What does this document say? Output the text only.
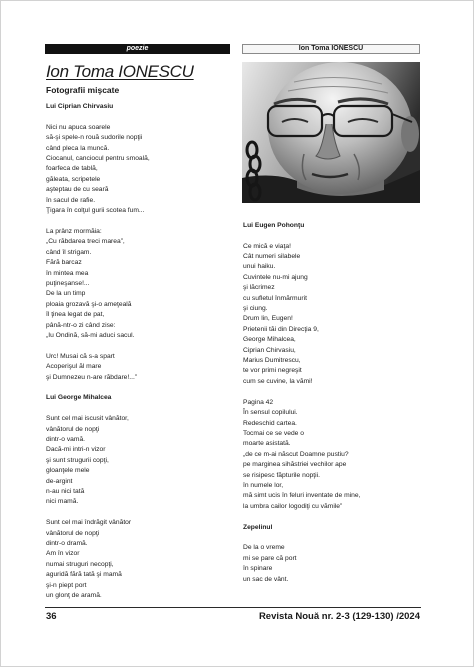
poezie	Ion Toma IONESCU
Ion Toma IONESCU
Fotografii mişcate
Lui Ciprian Chirvasiu
Nici nu apuca soarele
să-şi spele-n rouă sudorile nopţii
când pleca la muncă.
Ciocanul, canciocul pentru smoală,
foarfeca de tablă,
găleata, scripetele
aşteptau de cu seară
în sacul de rafie.
Ţigara în colţul gurii scotea fum...
La prânz mormăia:
„Cu răbdarea treci marea”,
când îl strigam.
Fără barcaz
în mintea mea
puţineşanse!...
De la un timp
ploaia grozavă şi-o ameţeală
îl ţinea legat de pat,
până-ntr-o zi când zise:
„Iu Ondină, să-mi aduci sacul.
Urc! Musai că s-a spart
Acoperişul ăl mare
şi Dumnezeu n-are răbdare!...”
Lui George Mihalcea
Sunt cel mai iscusit vânător,
vânătorul de nopţi
dintr-o vamă.
Dacă-mi intri-n vizor
şi sunt strugurii copţi,
gloanţele mele
de-argint
n-au nici tată
nici mamă.
Sunt cel mai îndrăgit vânător
vânătorul de nopţi
dintr-o dramă.
Am în vizor
numai struguri necopţi,
aguridă fără tată şi mamă
şi-n piept port
un glonţ de aramă.
Lui Eugen Pohonţu
Ce mică e viaţa!
Cât numeri silabele
unui haiku.
Cuvintele nu-mi ajung
şi lăcrimez
cu sufletul înmărmurit
şi ciung.
Drum lin, Eugen!
Prietenii tăi din Direcţia 9,
George Mihalcea,
Ciprian Chirvasiu,
Marius Dumitrescu,
te vor primi negreşit
cum se cuvine, la vămi!
Pagina 42
În sensul copilului.
Redeschid cartea.
Tocmai ce se vede o
moarte asistată.
„de ce m-ai născut Doamne pustiu?
pe marginea sihăstriei vechilor ape
se risipesc făpturile nopţii.
în numele lor,
mă simt ucis în feluri inventate de mine,
la umbra cailor logodiţi cu vămile”
Zepelinul
De la o vreme
mi se pare că port
în spinare
un sac de vânt.
36	Revista Nouă nr. 2-3 (129-130) /2024
